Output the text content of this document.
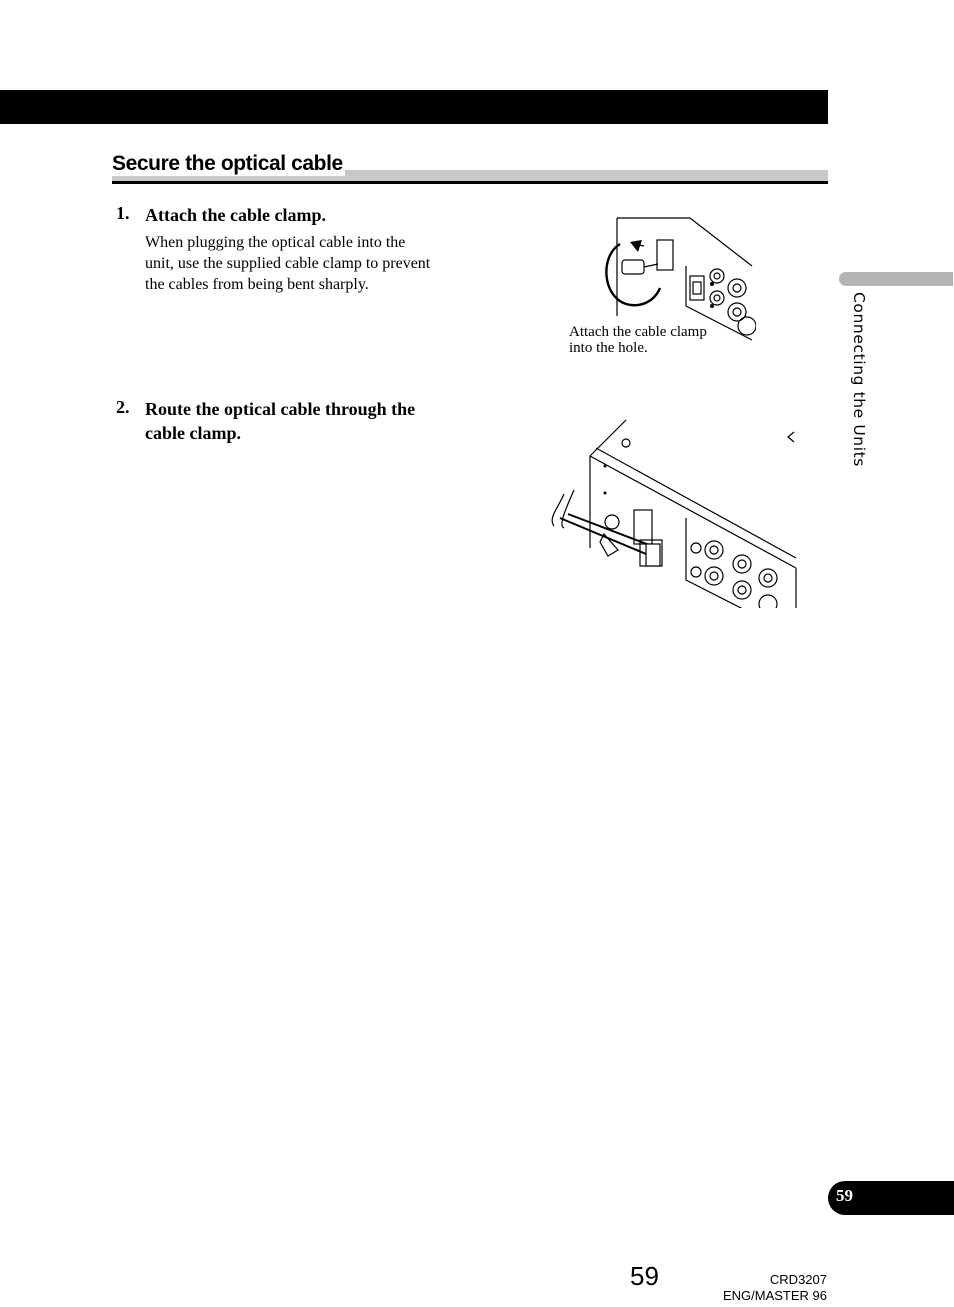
Secure the optical cable
1. Attach the cable clamp.
When plugging the optical cable into the unit, use the supplied cable clamp to prevent the cables from being bent sharply.
2. Route the optical cable through the cable clamp.
Attach the cable clamp
into the hole.	Connecting the Units
59
59	CRD3207
ENG/MASTER 96
